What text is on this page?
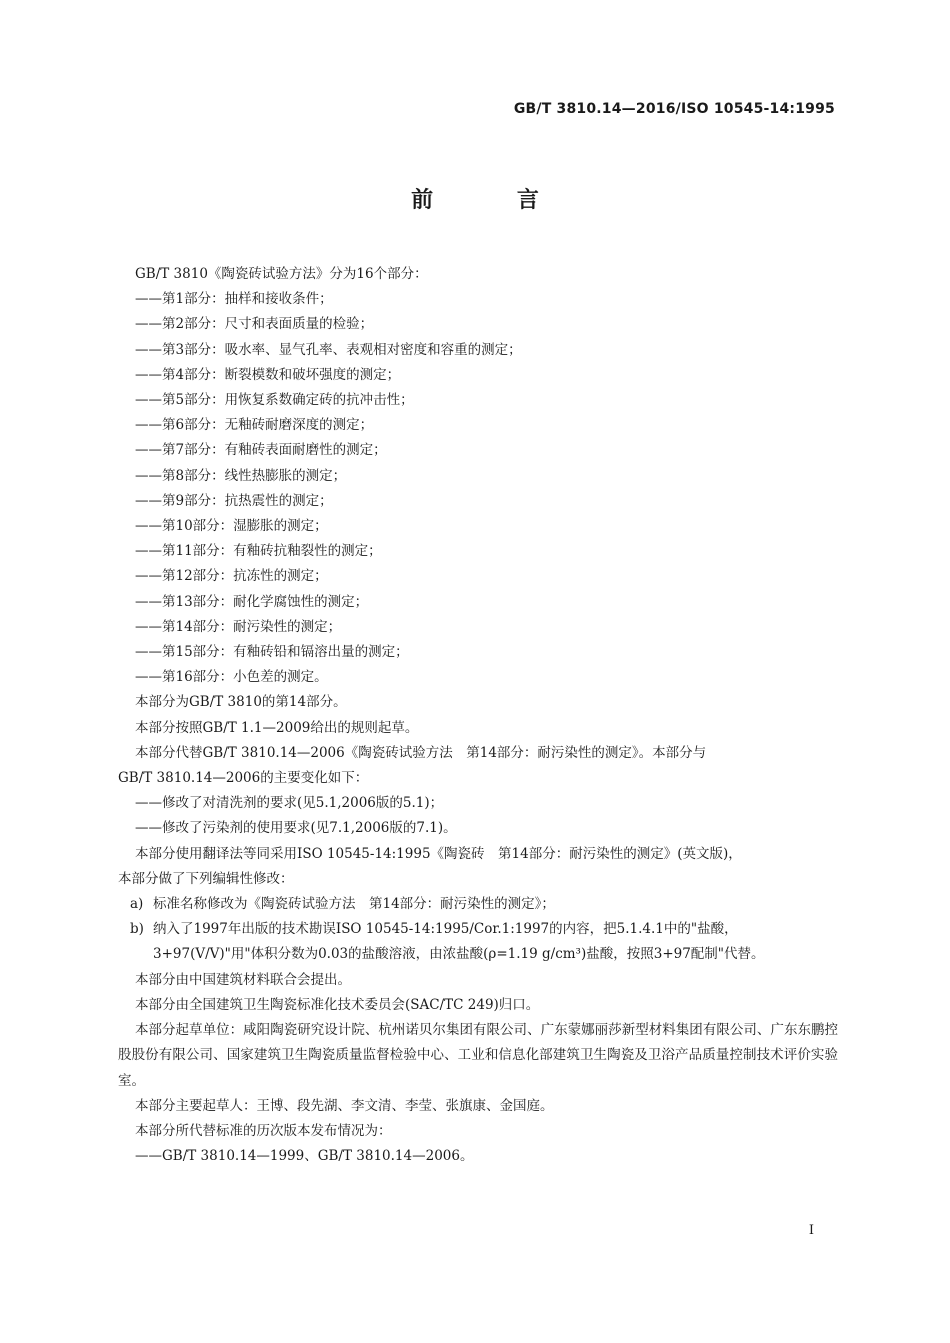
GB/T 3810.14—2016/ISO 10545-14:1995
前 言

GB/T 3810《陶瓷砖试验方法》分为16个部分：

——第1部分：抽样和接收条件；

——第2部分：尺寸和表面质量的检验；

——第3部分：吸水率、显气孔率、表观相对密度和容重的测定；

——第4部分：断裂模数和破坏强度的测定；

——第5部分：用恢复系数确定砖的抗冲击性；

——第6部分：无釉砖耐磨深度的测定；

——第7部分：有釉砖表面耐磨性的测定；

——第8部分：线性热膨胀的测定；

——第9部分：抗热震性的测定；

——第10部分：湿膨胀的测定；

——第11部分：有釉砖抗釉裂性的测定；

——第12部分：抗冻性的测定；

——第13部分：耐化学腐蚀性的测定；

——第14部分：耐污染性的测定；

——第15部分：有釉砖铅和镉溶出量的测定；

——第16部分：小色差的测定。

本部分为GB/T 3810的第14部分。

本部分按照GB/T 1.1—2009给出的规则起草。

本部分代替GB/T 3810.14—2006《陶瓷砖试验方法　第14部分：耐污染性的测定》。本部分与

GB/T 3810.14—2006的主要变化如下：

——修改了对清洗剂的要求(见5.1,2006版的5.1)；

——修改了污染剂的使用要求(见7.1,2006版的7.1)。

本部分使用翻译法等同采用ISO 10545-14:1995《陶瓷砖　第14部分：耐污染性的测定》(英文版)，

本部分做了下列编辑性修改：

a) 标准名称修改为《陶瓷砖试验方法　第14部分：耐污染性的测定》；
b) 纳入了1997年出版的技术勘误ISO 10545-14:1995/Cor.1:1997的内容，把5.1.4.1中的"盐酸，3+97(V/V)"用"体积分数为0.03的盐酸溶液，由浓盐酸(ρ=1.19 g/cm³)盐酸，按照3+97配制"代替。

本部分由中国建筑材料联合会提出。

本部分由全国建筑卫生陶瓷标准化技术委员会(SAC/TC 249)归口。

本部分起草单位：咸阳陶瓷研究设计院、杭州诺贝尔集团有限公司、广东蒙娜丽莎新型材料集团有限公司、广东东鹏控股股份有限公司、国家建筑卫生陶瓷质量监督检验中心、工业和信息化部建筑卫生陶瓷及卫浴产品质量控制技术评价实验室。

本部分主要起草人：王博、段先湖、李文清、李莹、张旗康、金国庭。

本部分所代替标准的历次版本发布情况为：

——GB/T 3810.14—1999、GB/T 3810.14—2006。

I
